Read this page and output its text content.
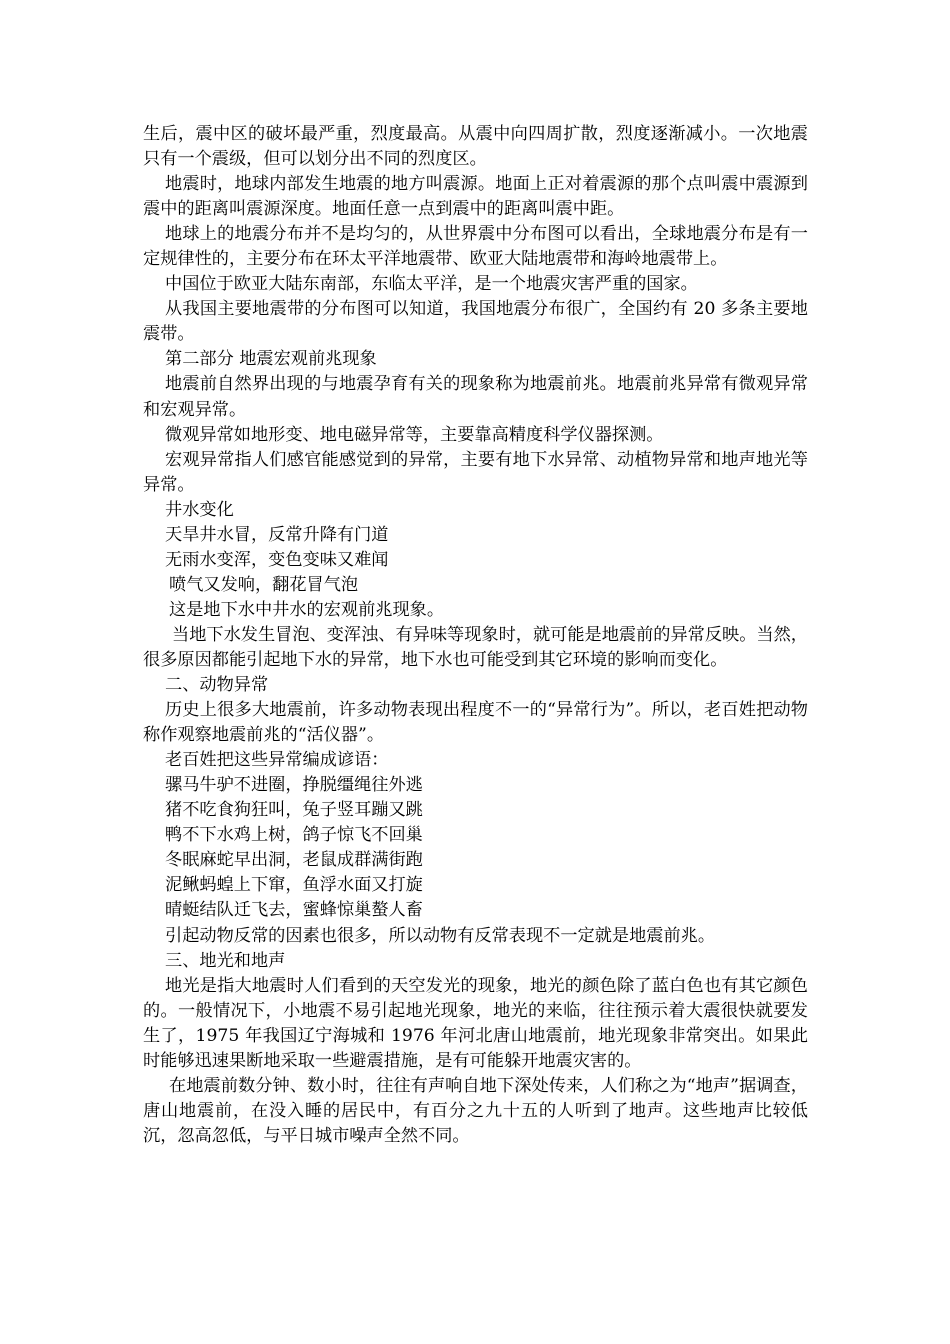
生后，震中区的破坏最严重，烈度最高。从震中向四周扩散，烈度逐渐减小。一次地震只有一个震级，但可以划分出不同的烈度区。

地震时，地球内部发生地震的地方叫震源。地面上正对着震源的那个点叫震中震源到震中的距离叫震源深度。地面任意一点到震中的距离叫震中距。

地球上的地震分布并不是均匀的，从世界震中分布图可以看出，全球地震分布是有一定规律性的，主要分布在环太平洋地震带、欧亚大陆地震带和海岭地震带上。

中国位于欧亚大陆东南部，东临太平洋，是一个地震灾害严重的国家。

从我国主要地震带的分布图可以知道，我国地震分布很广，全国约有 20 多条主要地震带。

第二部分 地震宏观前兆现象

地震前自然界出现的与地震孕育有关的现象称为地震前兆。地震前兆异常有微观异常和宏观异常。

微观异常如地形变、地电磁异常等，主要靠高精度科学仪器探测。

宏观异常指人们感官能感觉到的异常，主要有地下水异常、动植物异常和地声地光等异常。

井水变化

天旱井水冒，反常升降有门道

无雨水变浑，变色变味又难闻

喷气又发响，翻花冒气泡

这是地下水中井水的宏观前兆现象。

当地下水发生冒泡、变浑浊、有异味等现象时，就可能是地震前的异常反映。当然，很多原因都能引起地下水的异常，地下水也可能受到其它环境的影响而变化。

二、动物异常

历史上很多大地震前，许多动物表现出程度不一的“异常行为”。所以，老百姓把动物称作观察地震前兆的“活仪器”。

老百姓把这些异常编成谚语：

骡马牛驴不进圈，挣脱缰绳往外逃

猪不吃食狗狂叫，兔子竖耳蹦又跳

鸭不下水鸡上树，鸽子惊飞不回巢

冬眠麻蛇早出洞，老鼠成群满街跑

泥鳅蚂蝗上下窜，鱼浮水面又打旋

晴蜓结队迁飞去，蜜蜂惊巢螯人畜

引起动物反常的因素也很多，所以动物有反常表现不一定就是地震前兆。

三、地光和地声

地光是指大地震时人们看到的天空发光的现象，地光的颜色除了蓝白色也有其它颜色的。一般情况下，小地震不易引起地光现象，地光的来临，往往预示着大震很快就要发生了，1975 年我国辽宁海城和 1976 年河北唐山地震前，地光现象非常突出。如果此时能够迅速果断地采取一些避震措施，是有可能躲开地震灾害的。

在地震前数分钟、数小时，往往有声响自地下深处传来，人们称之为“地声”据调查，唐山地震前，在没入睡的居民中，有百分之九十五的人听到了地声。这些地声比较低沉，忽高忽低，与平日城市噪声全然不同。
